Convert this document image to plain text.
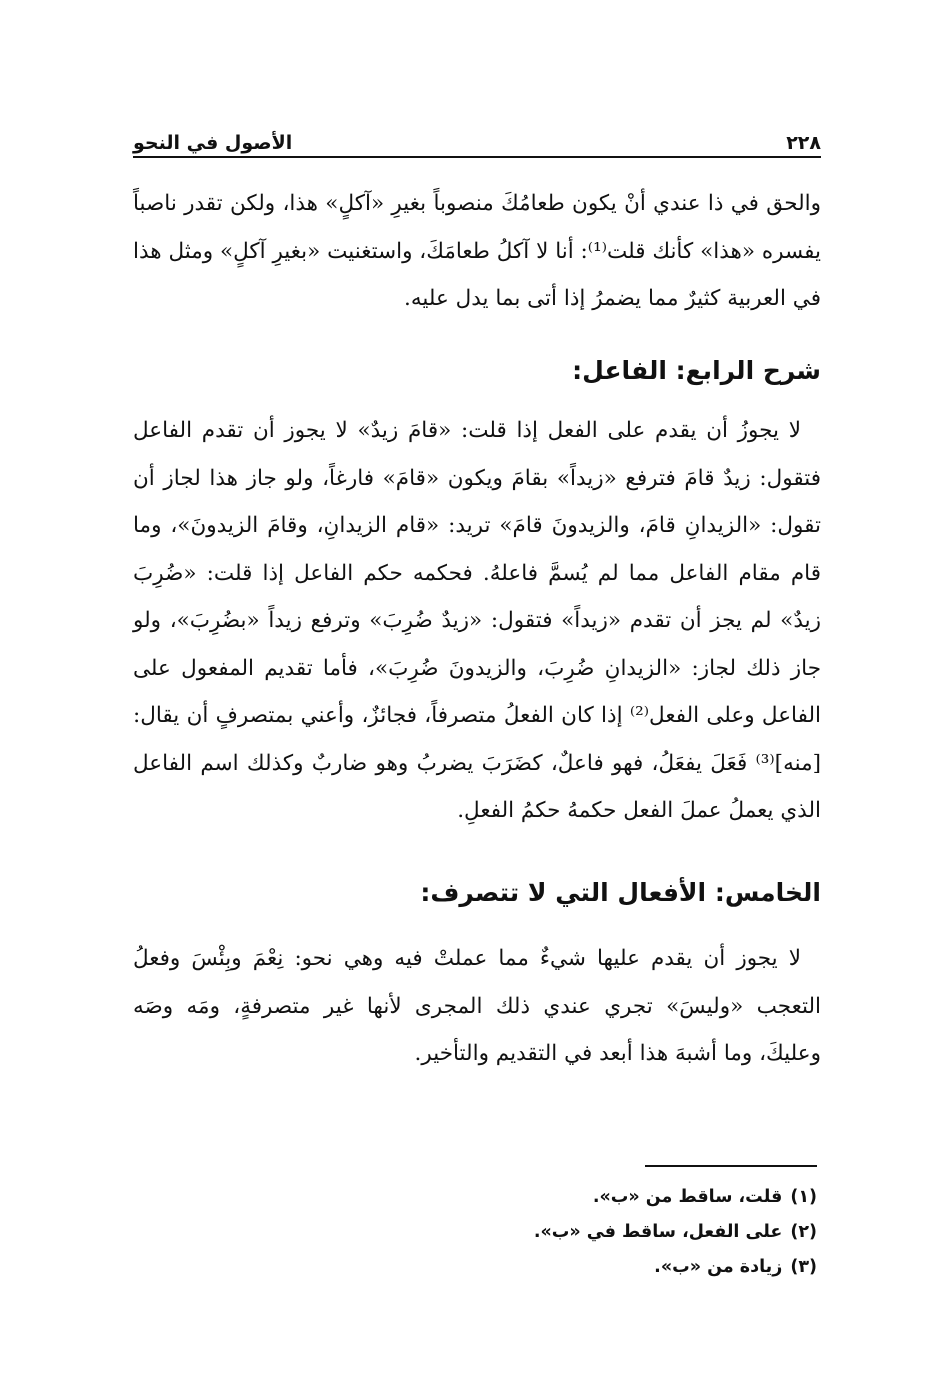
٢٢٨
الأصول في النحو

والحق في ذا عندي أنْ يكون طعامُكَ منصوباً بغيرِ «آكلٍ» هذا، ولكن تقدر ناصباً يفسره «هذا» كأنك قلت⁽¹⁾: أنا لا آكلُ طعامَكَ، واستغنيت «بغيرِ آكلٍ» ومثل هذا في العربية كثيرٌ مما يضمرُ إذا أتى بما يدل عليه.

شرح الرابع: الفاعل:

لا يجوزُ أن يقدم على الفعل إذا قلت: «قامَ زيدٌ» لا يجوز أن تقدم الفاعل فتقول: زيدٌ قامَ فترفع «زيداً» بقامَ ويكون «قامَ» فارغاً، ولو جاز هذا لجاز أن تقول: «الزيدانِ قامَ، والزيدونَ قامَ» تريد: «قام الزيدانِ، وقامَ الزيدونَ»، وما قام مقام الفاعل مما لم يُسمَّ فاعلهُ. فحكمه حكم الفاعل إذا قلت: «ضُرِبَ زيدٌ» لم يجز أن تقدم «زيداً» فتقول: «زيدٌ ضُرِبَ» وترفع زيداً «بضُرِبَ»، ولو جاز ذلك لجاز: «الزيدانِ ضُرِبَ، والزيدونَ ضُرِبَ»، فأما تقديم المفعول على الفاعل وعلى الفعل⁽²⁾ إذا كان الفعلُ متصرفاً، فجائزٌ، وأعني بمتصرفٍ أن يقال: [منه]⁽³⁾ فَعَلَ يفعَلُ، فهو فاعلٌ، كضَرَبَ يضربُ وهو ضاربٌ وكذلك اسم الفاعل الذي يعملُ عملَ الفعل حكمهُ حكمُ الفعلِ.

الخامس: الأفعال التي لا تتصرف:

لا يجوز أن يقدم عليها شيءٌ مما عملتْ فيه وهي نحو: نِعْمَ وبِئْسَ وفعلُ التعجب «وليسَ» تجري عندي ذلك المجرى لأنها غير متصرفةٍ، ومَه وصَه وعليكَ، وما أشبهَ هذا أبعد في التقديم والتأخير.

(١)قلت، ساقط من «ب».
(٢)على الفعل، ساقط في «ب».
(٣)زيادة من «ب».
